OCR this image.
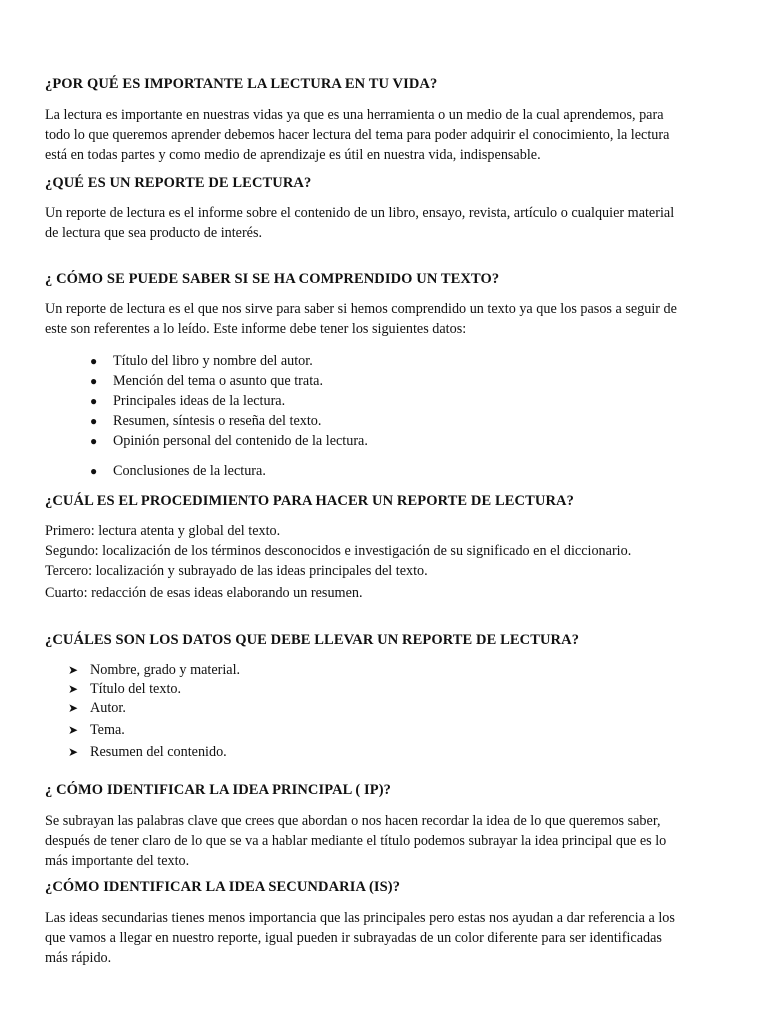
¿POR QUÉ ES IMPORTANTE LA LECTURA EN TU VIDA?

La lectura es importante en nuestras vidas ya que es una herramienta o un medio de la cual aprendemos, para
todo lo que queremos aprender debemos hacer lectura del tema para poder adquirir el conocimiento, la lectura
está en todas partes y como medio de aprendizaje es útil en nuestra vida, indispensable.

¿QUÉ ES UN REPORTE DE LECTURA?

Un reporte de lectura es el informe sobre el contenido de un libro, ensayo, revista, artículo o cualquier material
de lectura que sea producto de interés.

¿ CÓMO SE PUEDE SABER SI SE HA COMPRENDIDO UN TEXTO?

Un reporte de lectura es el que nos sirve para saber si hemos comprendido un texto ya que los pasos a seguir de
este son referentes a lo leído. Este informe debe tener los siguientes datos:

●
Título del libro y nombre del autor.
●
Mención del tema o asunto que trata.
●
Principales ideas de la lectura.
●
Resumen, síntesis o reseña del texto.
●
Opinión personal del contenido de la lectura.
●
Conclusiones de la lectura.
¿CUÁL ES EL PROCEDIMIENTO PARA HACER UN REPORTE DE LECTURA?

Primero: lectura atenta y global del texto.
Segundo: localización de los términos desconocidos e investigación de su significado en el diccionario.
Tercero: localización y subrayado de las ideas principales del texto.
Cuarto: redacción de esas ideas elaborando un resumen.

¿CUÁLES SON LOS DATOS QUE DEBE LLEVAR UN REPORTE DE LECTURA?
➤
Nombre, grado y material.
➤
Título del texto.
➤
Autor.
➤
Tema.
➤
Resumen del contenido.
¿ CÓMO IDENTIFICAR LA IDEA PRINCIPAL ( IP)?

Se subrayan las palabras clave que crees que abordan o nos hacen recordar la idea de lo que queremos saber,
después de tener claro de lo que se va a hablar mediante el título podemos subrayar la idea principal que es lo
más importante del texto.

¿CÓMO IDENTIFICAR LA IDEA SECUNDARIA (IS)?

Las ideas secundarias tienes menos importancia que las principales pero estas nos ayudan a dar referencia a los
que vamos a llegar en nuestro reporte, igual pueden ir subrayadas de un color diferente para ser identificadas
más rápido.
